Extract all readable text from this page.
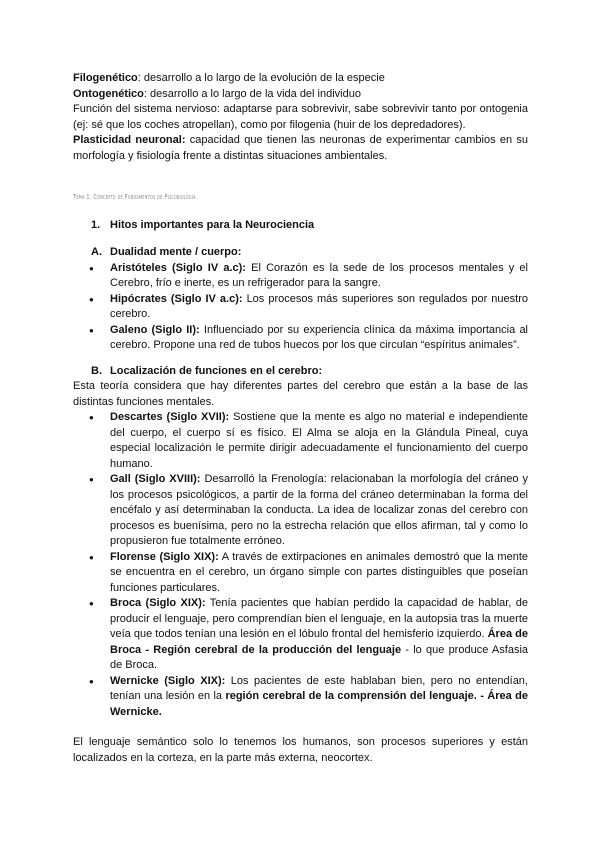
Filogenético: desarrollo a lo largo de la evolución de la especie

Ontogenético: desarrollo a lo largo de la vida del individuo

Función del sistema nervioso: adaptarse para sobrevivir, sabe sobrevivir tanto por ontogenia (ej: sé que los coches atropellan), como por filogenia (huir de los depredadores).

Plasticidad neuronal: capacidad que tienen las neuronas de experimentar cambios en su morfología y fisiología frente a distintas situaciones ambientales.

Tema 1: Concepto de Fundamentos de Psicobiología
1. Hitos importantes para la Neurociencia
A. Dualidad mente / cuerpo:
● Aristóteles (Siglo IV a.c): El Corazón es la sede de los procesos mentales y el Cerebro, frío e inerte, es un refrigerador para la sangre.
● Hipócrates (Siglo IV a.c): Los procesos más superiores son regulados por nuestro cerebro.
● Galeno (Siglo II): Influenciado por su experiencia clínica da máxima importancia al cerebro. Propone una red de tubos huecos por los que circulan “espíritus animales”.
B. Localización de funciones en el cerebro:

Esta teoría considera que hay diferentes partes del cerebro que están a la base de las distintas funciones mentales.

● Descartes (Siglo XVII): Sostiene que la mente es algo no material e independiente del cuerpo, el cuerpo sí es físico. El Alma se aloja en la Glándula Pineal, cuya especial localización le permite dirigir adecuadamente el funcionamiento del cuerpo humano.
● Gall (Siglo XVIII): Desarrolló la Frenología: relacionaban la morfología del cráneo y los procesos psicológicos, a partir de la forma del cráneo determinaban la forma del encéfalo y así determinaban la conducta. La idea de localizar zonas del cerebro con procesos es buenísima, pero no la estrecha relación que ellos afirman, tal y como lo propusieron fue totalmente erróneo.
● Florense (Siglo XIX): A través de extirpaciones en animales demostró que la mente se encuentra en el cerebro, un órgano simple con partes distinguibles que poseían funciones particulares.
● Broca (Siglo XIX): Tenía pacientes que habían perdido la capacidad de hablar, de producir el lenguaje, pero comprendían bien el lenguaje, en la autopsia tras la muerte veía que todos tenían una lesión en el lóbulo frontal del hemisferio izquierdo. Área de Broca - Región cerebral de la producción del lenguaje - lo que produce Asfasia de Broca.
● Wernicke (Siglo XIX): Los pacientes de este hablaban bien, pero no entendían, tenían una lesión en la región cerebral de la comprensión del lenguaje. - Área de Wernicke.

El lenguaje semántico solo lo tenemos los humanos, son procesos superiores y están localizados en la corteza, en la parte más externa, neocortex.
